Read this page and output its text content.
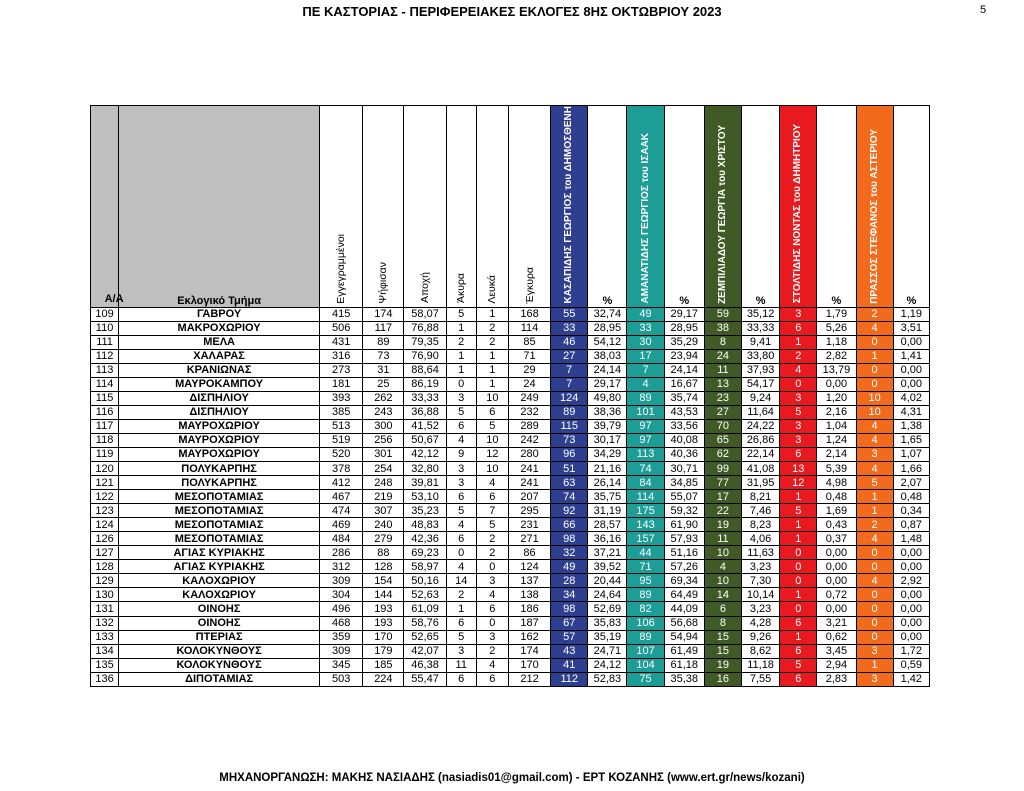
ΠΕ ΚΑΣΤΟΡΙΑΣ - ΠΕΡΙΦΕΡΕΙΑΚΕΣ ΕΚΛΟΓΕΣ 8ΗΣ ΟΚΤΩΒΡΙΟΥ 2023	5
Α/Α	Εκλογικό Τμήμα	Εγγεγραμμένοι	Ψήφισαν	Αποχή	Άκυρα	Λευκά	Έγκυρα	ΚΑΣΑΠΙΔΗΣ ΓΕΩΡΓΙΟΣ του ΔΗΜΟΣΘΕΝΗ	%	ΑΜΑΝΑΤΙΔΗΣ ΓΕΩΡΓΙΟΣ του ΙΣΑΑΚ	%	ΖΕΜΠΙΛΙΑΔΟΥ ΓΕΩΡΓΙΑ του ΧΡΙΣΤΟΥ	%	ΣΤΟΛΤΙΔΗΣ ΝΟΝΤΑΣ του ΔΗΜΗΤΡΙΟΥ	%	ΠΡΑΣΣΟΣ ΣΤΕΦΑΝΟΣ του ΑΣΤΕΡΙΟΥ	%
109	ΓΑΒΡΟΥ	415	174	58,07	5	1	168	55	32,74	49	29,17	59	35,12	3	1,79	2	1,19
110	ΜΑΚΡΟΧΩΡΙΟΥ	506	117	76,88	1	2	114	33	28,95	33	28,95	38	33,33	6	5,26	4	3,51
111	ΜΕΛΑ	431	89	79,35	2	2	85	46	54,12	30	35,29	8	9,41	1	1,18	0	0,00
112	ΧΑΛΑΡΑΣ	316	73	76,90	1	1	71	27	38,03	17	23,94	24	33,80	2	2,82	1	1,41
113	ΚΡΑΝΙΩΝΑΣ	273	31	88,64	1	1	29	7	24,14	7	24,14	11	37,93	4	13,79	0	0,00
114	ΜΑΥΡΟΚΑΜΠΟΥ	181	25	86,19	0	1	24	7	29,17	4	16,67	13	54,17	0	0,00	0	0,00
115	ΔΙΣΠΗΛΙΟΥ	393	262	33,33	3	10	249	124	49,80	89	35,74	23	9,24	3	1,20	10	4,02
116	ΔΙΣΠΗΛΙΟΥ	385	243	36,88	5	6	232	89	38,36	101	43,53	27	11,64	5	2,16	10	4,31
117	ΜΑΥΡΟΧΩΡΙΟΥ	513	300	41,52	6	5	289	115	39,79	97	33,56	70	24,22	3	1,04	4	1,38
118	ΜΑΥΡΟΧΩΡΙΟΥ	519	256	50,67	4	10	242	73	30,17	97	40,08	65	26,86	3	1,24	4	1,65
119	ΜΑΥΡΟΧΩΡΙΟΥ	520	301	42,12	9	12	280	96	34,29	113	40,36	62	22,14	6	2,14	3	1,07
120	ΠΟΛΥΚΑΡΠΗΣ	378	254	32,80	3	10	241	51	21,16	74	30,71	99	41,08	13	5,39	4	1,66
121	ΠΟΛΥΚΑΡΠΗΣ	412	248	39,81	3	4	241	63	26,14	84	34,85	77	31,95	12	4,98	5	2,07
122	ΜΕΣΟΠΟΤΑΜΙΑΣ	467	219	53,10	6	6	207	74	35,75	114	55,07	17	8,21	1	0,48	1	0,48
123	ΜΕΣΟΠΟΤΑΜΙΑΣ	474	307	35,23	5	7	295	92	31,19	175	59,32	22	7,46	5	1,69	1	0,34
124	ΜΕΣΟΠΟΤΑΜΙΑΣ	469	240	48,83	4	5	231	66	28,57	143	61,90	19	8,23	1	0,43	2	0,87
126	ΜΕΣΟΠΟΤΑΜΙΑΣ	484	279	42,36	6	2	271	98	36,16	157	57,93	11	4,06	1	0,37	4	1,48
127	ΑΓΙΑΣ ΚΥΡΙΑΚΗΣ	286	88	69,23	0	2	86	32	37,21	44	51,16	10	11,63	0	0,00	0	0,00
128	ΑΓΙΑΣ ΚΥΡΙΑΚΗΣ	312	128	58,97	4	0	124	49	39,52	71	57,26	4	3,23	0	0,00	0	0,00
129	ΚΑΛΟΧΩΡΙΟΥ	309	154	50,16	14	3	137	28	20,44	95	69,34	10	7,30	0	0,00	4	2,92
130	ΚΑΛΟΧΩΡΙΟΥ	304	144	52,63	2	4	138	34	24,64	89	64,49	14	10,14	1	0,72	0	0,00
131	ΟΙΝΟΗΣ	496	193	61,09	1	6	186	98	52,69	82	44,09	6	3,23	0	0,00	0	0,00
132	ΟΙΝΟΗΣ	468	193	58,76	6	0	187	67	35,83	106	56,68	8	4,28	6	3,21	0	0,00
133	ΠΤΕΡΙΑΣ	359	170	52,65	5	3	162	57	35,19	89	54,94	15	9,26	1	0,62	0	0,00
134	ΚΟΛΟΚΥΝΘΟΥΣ	309	179	42,07	3	2	174	43	24,71	107	61,49	15	8,62	6	3,45	3	1,72
135	ΚΟΛΟΚΥΝΘΟΥΣ	345	185	46,38	11	4	170	41	24,12	104	61,18	19	11,18	5	2,94	1	0,59
136	ΔΙΠΟΤΑΜΙΑΣ	503	224	55,47	6	6	212	112	52,83	75	35,38	16	7,55	6	2,83	3	1,42
ΜΗΧΑΝΟΡΓΑΝΩΣΗ: ΜΑΚΗΣ ΝΑΣΙΑΔΗΣ (nasiadis01@gmail.com) - ΕΡΤ ΚΟΖΑΝΗΣ (www.ert.gr/news/kozani)
